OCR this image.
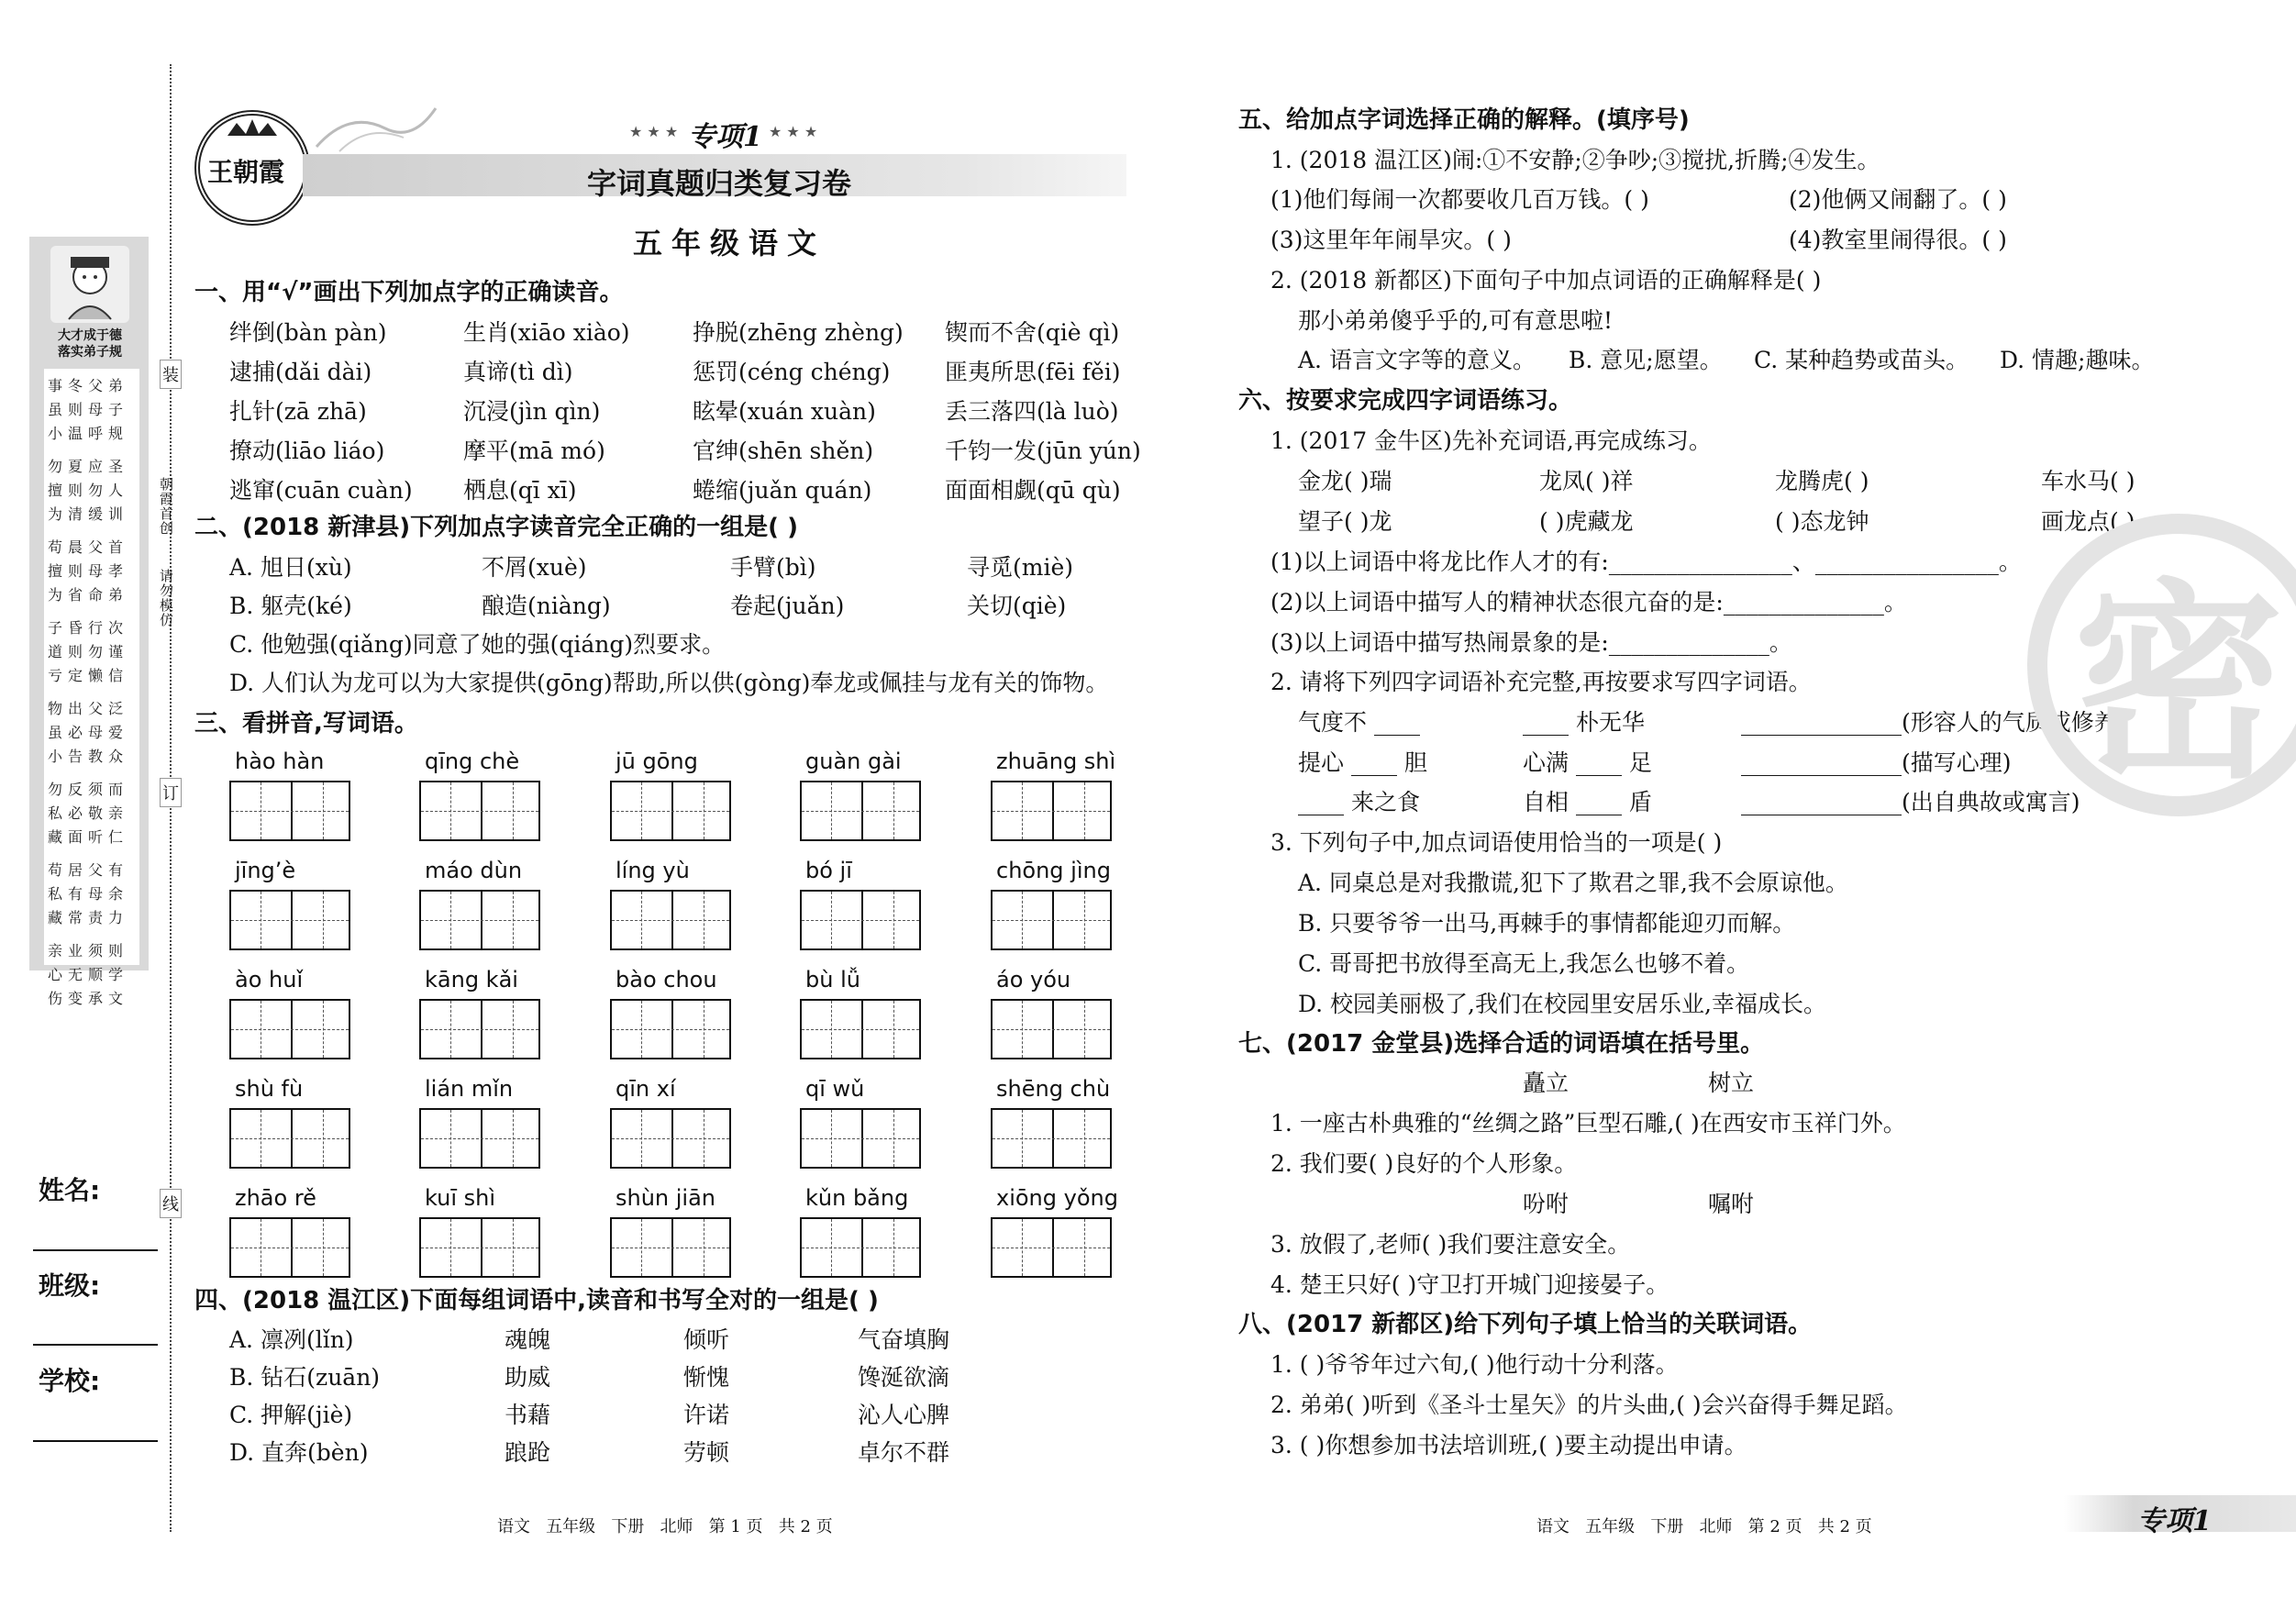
大才成于德
落实弟子规
事冬父弟
虽则母子
小温呼规
勿夏应圣
擅则勿人
为清缓训
苟晨父首
擅则母孝
为省命弟
子昏行次
道则勿谨
亏定懒信
物出父泛
虽必母爱
小告教众
勿反须而
私必敬亲
藏面听仁
苟居父有
私有母余
藏常责力
亲业须则
心无顺学
伤变承文
装
订
线
朝霞首创
请勿模仿
姓名:
班级:
学校:
王朝霞
★ ★ ★ 专项1 ★ ★ ★
字词真题归类复习卷
五年级语文
一、用“√”画出下列加点字的正确读音。
绊倒(bàn pàn)	生肖(xiāo xiào)	挣脱(zhēng zhèng) 锲而不舍(qiè qì)
逮捕(dǎi dài)	真谛(tì dì)	惩罚(céng chéng) 匪夷所思(fēi fěi)
扎针(zā zhā)	沉浸(jìn qìn)	眩晕(xuán xuàn)	丢三落四(là luò)
撩动(liāo liáo)	摩平(mā mó)	官绅(shēn shěn)	千钧一发(jūn yún)
逃窜(cuān cuàn) 栖息(qī xī)	蜷缩(juǎn quán)	面面相觑(qū qù)
二、(2018 新津县)下列加点字读音完全正确的一组是( )
A. 旭日(xù)	不屑(xuè)	手臂(bì)	寻觅(miè)
B. 躯壳(ké)	酿造(niàng)	卷起(juǎn)	关切(qiè)
C. 他勉强(qiǎng)同意了她的强(qiáng)烈要求。
D. 人们认为龙可以为大家提供(gōng)帮助,所以供(gòng)奉龙或佩挂与龙有关的饰物。
三、看拼音,写词语。
hào hàn	qīng chè	jū gōng	guàn gài	zhuāng shì
jīng’è	máo dùn	líng yù	bó jī	chōng jìng
ào huǐ	kāng kǎi	bào chou	bù lǚ	áo yóu
shù fù	lián mǐn	qīn xí	qī wǔ	shēng chù
zhāo rě	kuī shì	shùn jiān	kǔn bǎng	xiōng yǒng
四、(2018 温江区)下面每组词语中,读音和书写全对的一组是( )
A. 凛冽(lǐn)	魂魄	倾听	气奋填胸
B. 钻石(zuān)	助威	惭愧	馋涎欲滴
C. 押解(jiè)	书藉	许诺	沁人心脾
D. 直奔(bèn)	踉跄	劳顿	卓尔不群
语文   五年级   下册   北师   第 1 页   共 2 页
五、给加点字词选择正确的解释。(填序号)
1. (2018 温江区)闹:①不安静;②争吵;③搅扰,折腾;④发生。
(1)他们每闹一次都要收几百万钱。( )	(2)他俩又闹翻了。( )
(3)这里年年闹旱灾。( )	(4)教室里闹得很。( )
2. (2018 新都区)下面句子中加点词语的正确解释是( )
那小弟弟傻乎乎的,可有意思啦!
A. 语言文字等的意义。 B. 意见;愿望。 C. 某种趋势或苗头。 D. 情趣;趣味。
六、按要求完成四字词语练习。
1. (2017 金牛区)先补充词语,再完成练习。
金龙( )瑞	龙凤( )祥	龙腾虎( )	车水马( )
望子( )龙	( )虎藏龙	( )态龙钟	画龙点( )
(1)以上词语中将龙比作人才的有:________________、________________。
(2)以上词语中描写人的精神状态很亢奋的是:______________。
(3)以上词语中描写热闹景象的是:______________。
2. 请将下列四字词语补充完整,再按要求写四字词语。
气度不 ____	____ 朴无华	______________(形容人的气质或修养)
提心 ____ 胆	心满 ____ 足	______________(描写心理)
____ 来之食	自相 ____ 盾	______________(出自典故或寓言)
3. 下列句子中,加点词语使用恰当的一项是( )
A. 同桌总是对我撒谎,犯下了欺君之罪,我不会原谅他。
B. 只要爷爷一出马,再棘手的事情都能迎刃而解。
C. 哥哥把书放得至高无上,我怎么也够不着。
D. 校园美丽极了,我们在校园里安居乐业,幸福成长。
七、(2017 金堂县)选择合适的词语填在括号里。
矗立	树立
1. 一座古朴典雅的“丝绸之路”巨型石雕,( )在西安市玉祥门外。
2. 我们要( )良好的个人形象。
吩咐	嘱咐
3. 放假了,老师( )我们要注意安全。
4. 楚王只好( )守卫打开城门迎接晏子。
八、(2017 新都区)给下列句子填上恰当的关联词语。
1. ( )爷爷年过六旬,( )他行动十分利落。
2. 弟弟( )听到《圣斗士星矢》的片头曲,( )会兴奋得手舞足蹈。
3. ( )你想参加书法培训班,( )要主动提出申请。
密
语文   五年级   下册   北师   第 2 页   共 2 页	专项1
